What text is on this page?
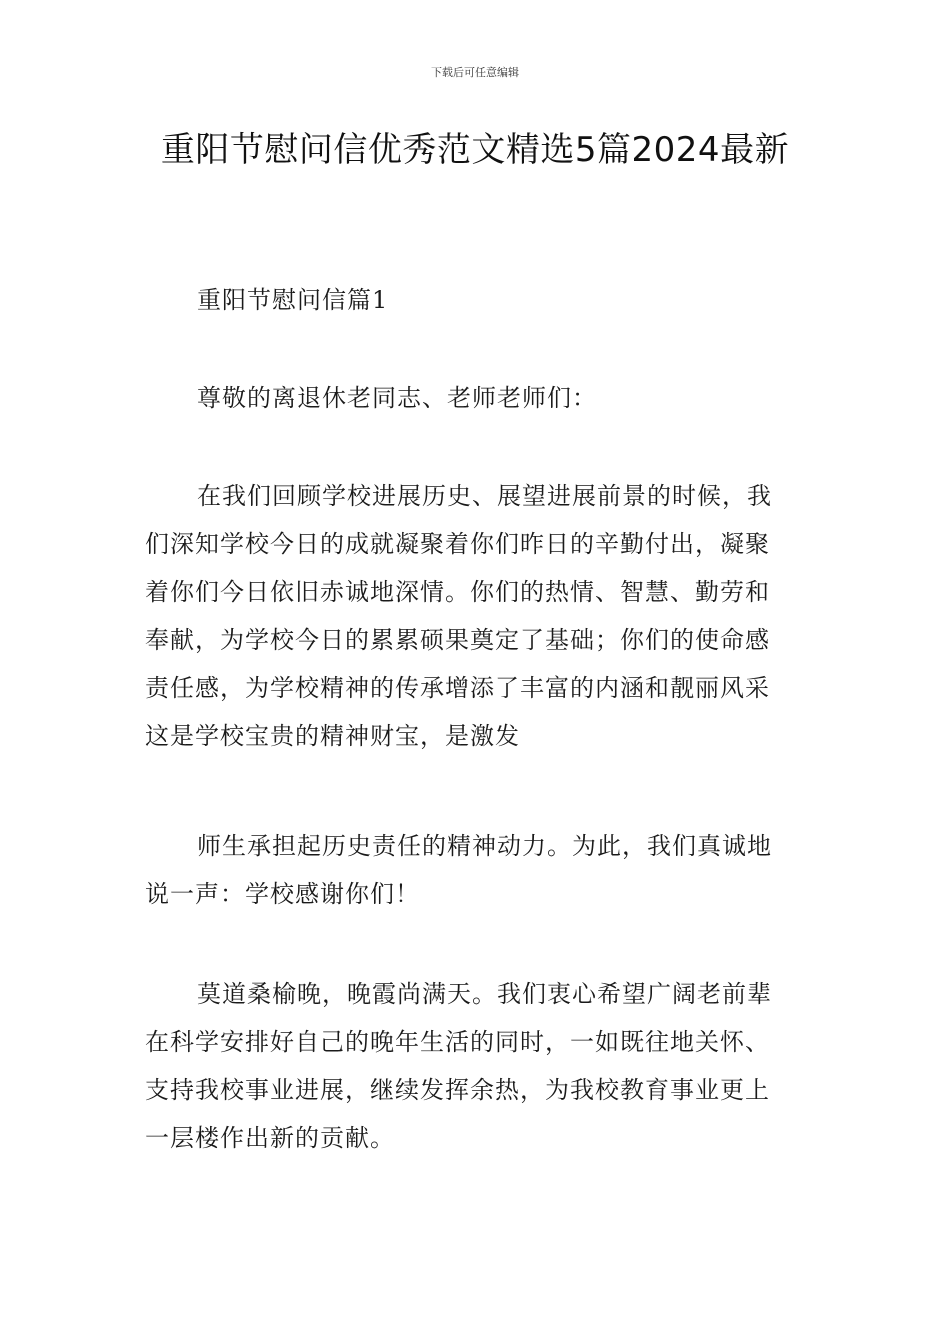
下载后可任意编辑
重阳节慰问信优秀范文精选5篇2024最新
重阳节慰问信篇1
尊敬的离退休老同志、老师老师们：
在我们回顾学校进展历史、展望进展前景的时候，我
们深知学校今日的成就凝聚着你们昨日的辛勤付出，凝聚
着你们今日依旧赤诚地深情。你们的热情、智慧、勤劳和
奉献，为学校今日的累累硕果奠定了基础；你们的使命感
责任感，为学校精神的传承增添了丰富的内涵和靓丽风采
这是学校宝贵的精神财宝，是激发
师生承担起历史责任的精神动力。为此，我们真诚地
说一声：学校感谢你们！
莫道桑榆晚，晚霞尚满天。我们衷心希望广阔老前辈
在科学安排好自己的晚年生活的同时，一如既往地关怀、
支持我校事业进展，继续发挥余热，为我校教育事业更上
一层楼作出新的贡献。
